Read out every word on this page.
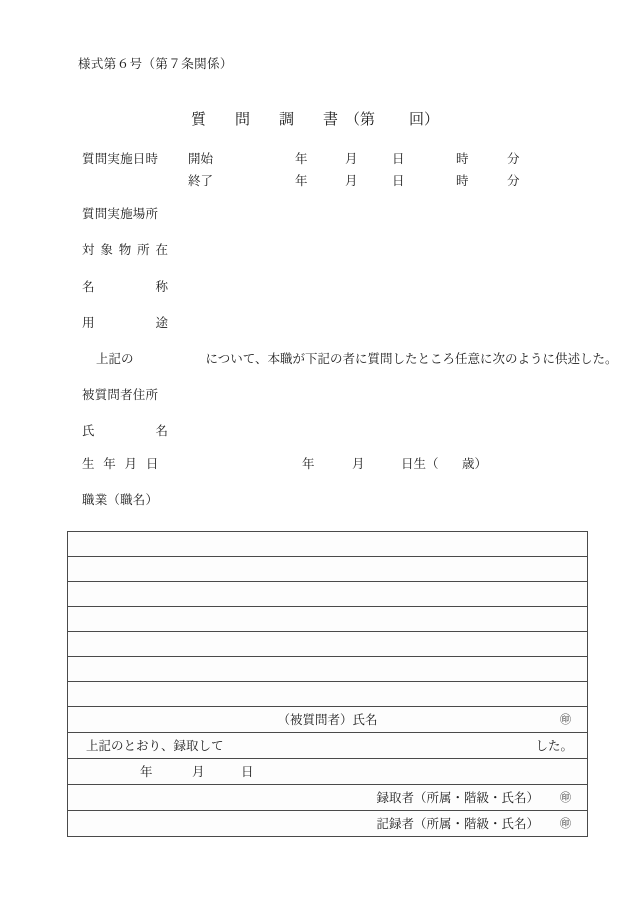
様式第６号（第７条関係）
質　問　調　書（第 回）
質問実施日時 開始	年	月	日	時	分
終了	年	月	日	時	分
質問実施場所
対象物所在
名称
用途
上記の	について、本職が下記の者に質問したところ任意に次のように供述した。
被質問者住所
氏名
生 年 月 日	年	月	日生（ 歳）
職業（職名）
（被質問者）氏名	㊞
上記のとおり、録取して	した。
年	月	日
録取者（所属・階級・氏名） ㊞
記録者（所属・階級・氏名） ㊞
